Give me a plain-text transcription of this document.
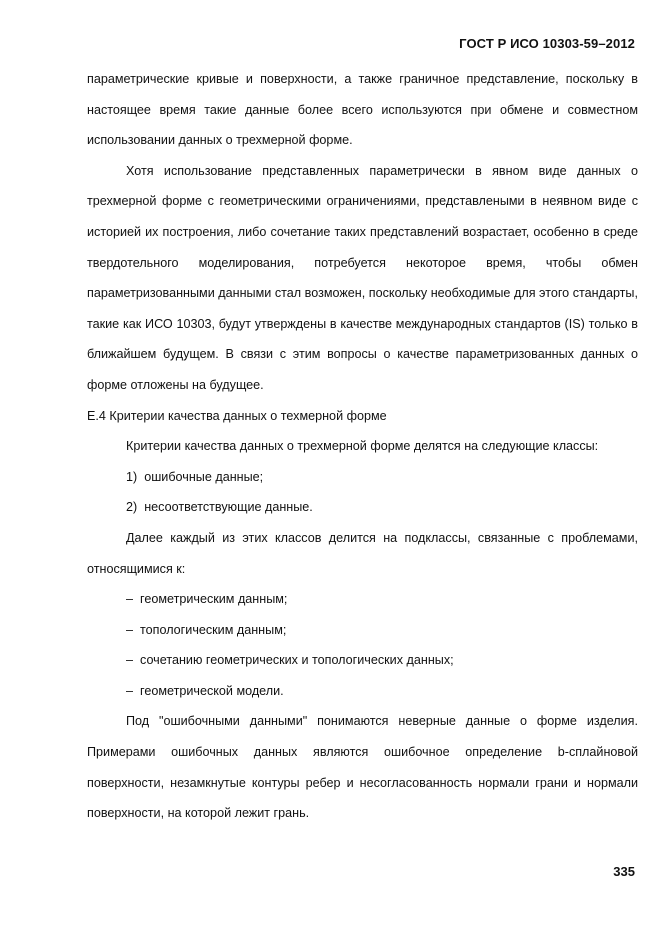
ГОСТ Р ИСО 10303-59–2012

параметрические кривые и поверхности, а также граничное представление, поскольку в настоящее время такие данные более всего используются при обмене и совместном использовании данных о трехмерной форме.

Хотя использование представленных параметрически в явном виде данных о трехмерной форме с геометрическими ограничениями, представлеными в неявном виде с историей их построения, либо сочетание таких представлений возрастает, особенно в среде твердотельного моделирования, потребуется некоторое время, чтобы обмен параметризованными данными стал возможен, поскольку необходимые для этого стандарты, такие как ИСО 10303, будут утверждены в качестве международных стандартов (IS) только в ближайшем будущем. В связи с этим вопросы о качестве параметризованных данных о форме отложены на будущее.

Е.4 Критерии качества данных о техмерной форме

Критерии качества данных о трехмерной форме делятся на следующие классы:

1) ошибочные данные;

2) несоответствующие данные.

Далее каждый из этих классов делится на подклассы, связанные с проблемами, относящимися к:

– геометрическим данным;

– топологическим данным;

– сочетанию геометрических и топологических данных;

– геометрической модели.

Под "ошибочными данными" понимаются неверные данные о форме изделия. Примерами ошибочных данных являются ошибочное определение b-сплайновой поверхности, незамкнутые контуры ребер и несогласованность нормали грани и нормали поверхности, на которой лежит грань.

335
